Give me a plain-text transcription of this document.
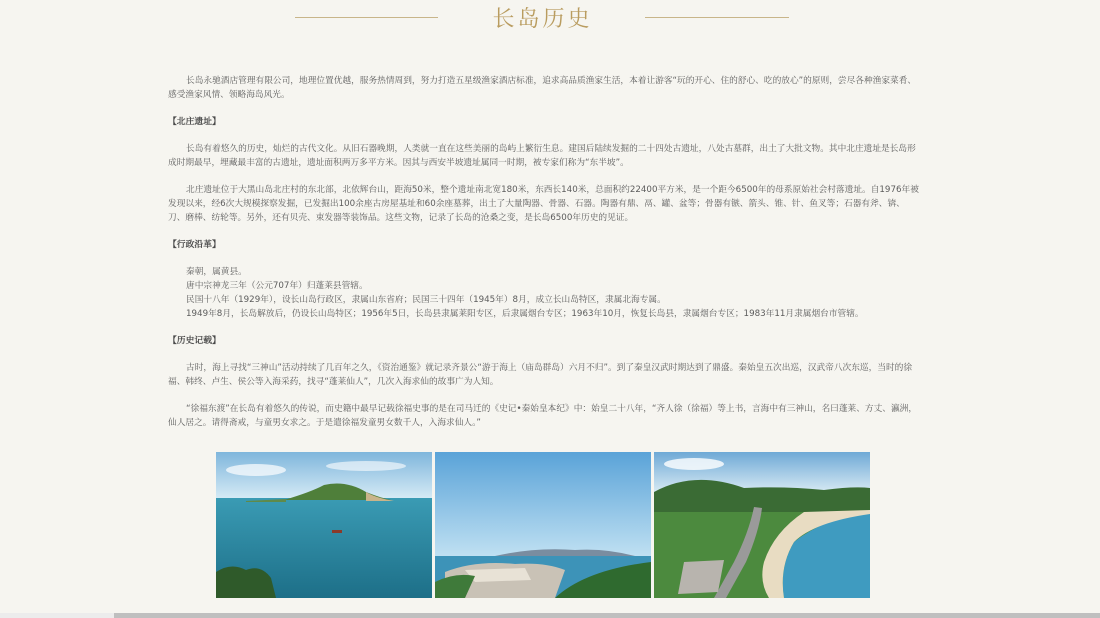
长岛历史

长岛永驰酒店管理有限公司，地理位置优越，服务热情周到，努力打造五星级渔家酒店标准，追求高品质渔家生活，本着让游客“玩的开心、住的舒心、吃的放心”的原则，尝尽各种渔家菜肴、感受渔家风情、领略海岛风光。

【北庄遗址】

长岛有着悠久的历史，灿烂的古代文化。从旧石器晚期，人类就一直在这些美丽的岛屿上繁衍生息。建国后陆续发掘的二十四处古遗址，八处古墓群，出土了大批文物。其中北庄遗址是长岛形成时期最早，埋藏最丰富的古遗址，遗址面积两万多平方米。因其与西安半坡遗址属同一时期，被专家们称为“东半坡”。

北庄遗址位于大黑山岛北庄村的东北部，北依辉台山，距海50米，整个遗址南北宽180米，东西长140米，总面积约22400平方米，是一个距今6500年的母系原始社会村落遗址。自1976年被发现以来，经6次大规模探察发掘，已发掘出100余座古房屋基址和60余座墓葬，出土了大量陶器、骨器、石器。陶器有鼎、鬲、罐、盆等；骨器有镞、箭头、锥、针、鱼叉等；石器有斧、锛、刀、磨棒、纺轮等。另外，还有贝壳、束发器等装饰品。这些文物，记录了长岛的沧桑之变，是长岛6500年历史的见证。

【行政沿革】

秦朝，属黄县。

唐中宗神龙三年（公元707年）归蓬莱县管辖。

民国十八年（1929年），设长山岛行政区，隶属山东省府；民国三十四年（1945年）8月，成立长山岛特区，隶属北海专属。

1949年8月，长岛解放后，仍设长山岛特区；1956年5日，长岛县隶属莱阳专区，后隶属烟台专区；1963年10月，恢复长岛县，隶属烟台专区；1983年11月隶属烟台市管辖。

【历史记载】

古时，海上寻找“三神山”活动持续了几百年之久，《资治通鉴》就记录齐景公“游于海上（庙岛群岛）六月不归”。到了秦皇汉武时期达到了鼎盛。秦始皇五次出巡，汉武帝八次东巡，当时的徐福、韩终、卢生、侯公等入海采药，找寻“蓬莱仙人”，几次入海求仙的故事广为人知。

“徐福东渡”在长岛有着悠久的传说，而史籍中最早记载徐福史事的是在司马迁的《史记•秦始皇本纪》中：始皇二十八年，“齐人徐（徐福）等上书，言海中有三神山，名曰蓬莱、方丈、瀛洲，仙人居之。请得斋戒，与童男女求之。于是遣徐福发童男女数千人，入海求仙人。”
